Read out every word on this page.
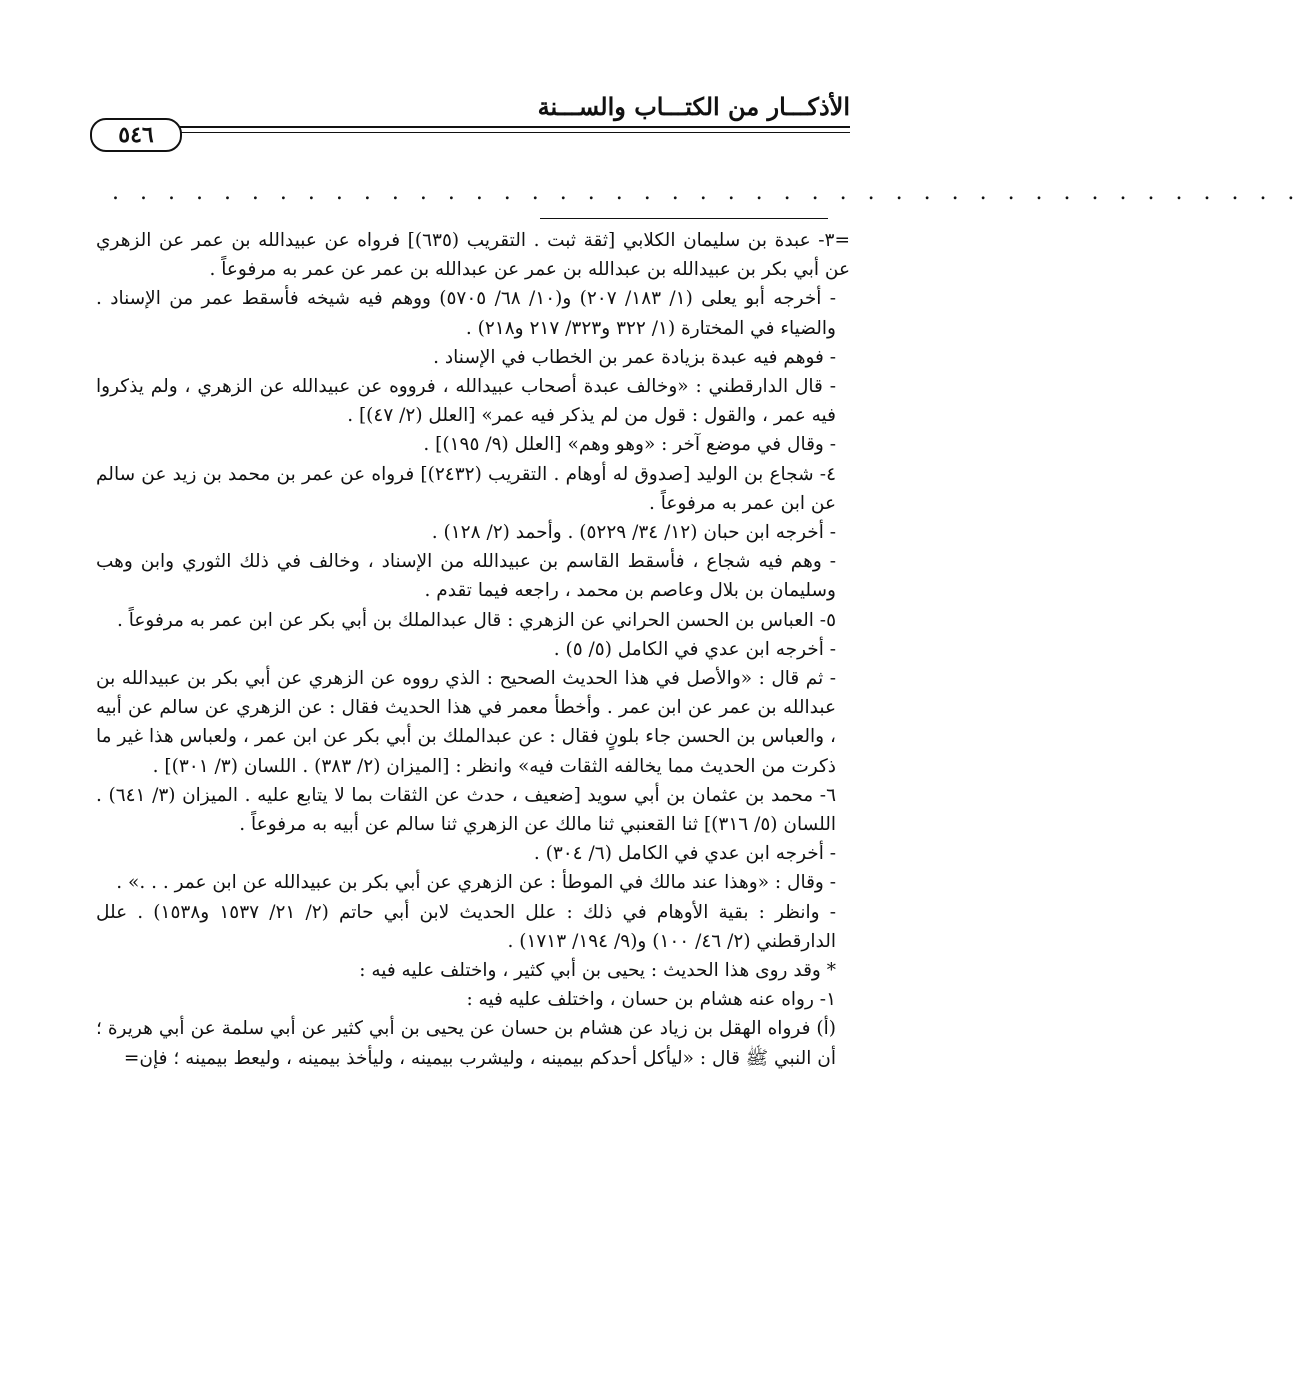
الأذكـــار من الكتـــاب والســـنة
٥٤٦
. . . . . . . . . . . . . . . . . . . . . . . . . . . . . . . . . . . . . . . . . . .

=٣- عبدة بن سليمان الكلابي [ثقة ثبت . التقريب (٦٣٥)] فرواه عن عبيدالله بن عمر عن الزهري عن أبي بكر بن عبيدالله بن عبدالله بن عمر عن عبدالله بن عمر عن عمر به مرفوعاً .

- أخرجه أبو يعلى (١/ ١٨٣/ ٢٠٧) و(١٠/ ٦٨/ ٥٧٠٥) ووهم فيه شيخه فأسقط عمر من الإسناد . والضياء في المختارة (١/ ٣٢٢ و٣٢٣/ ٢١٧ و٢١٨) .

- فوهم فيه عبدة بزيادة عمر بن الخطاب في الإسناد .

- قال الدارقطني : «وخالف عبدة أصحاب عبيدالله ، فرووه عن عبيدالله عن الزهري ، ولم يذكروا فيه عمر ، والقول : قول من لم يذكر فيه عمر» [العلل (٢/ ٤٧)] .

- وقال في موضع آخر : «وهو وهم» [العلل (٩/ ١٩٥)] .

٤- شجاع بن الوليد [صدوق له أوهام . التقريب (٢٤٣٢)] فرواه عن عمر بن محمد بن زيد عن سالم عن ابن عمر به مرفوعاً .

- أخرجه ابن حبان (١٢/ ٣٤/ ٥٢٢٩) . وأحمد (٢/ ١٢٨) .

- وهم فيه شجاع ، فأسقط القاسم بن عبيدالله من الإسناد ، وخالف في ذلك الثوري وابن وهب وسليمان بن بلال وعاصم بن محمد ، راجعه فيما تقدم .

٥- العباس بن الحسن الحراني عن الزهري : قال عبدالملك بن أبي بكر عن ابن عمر به مرفوعاً .

- أخرجه ابن عدي في الكامل (٥/ ٥) .

- ثم قال : «والأصل في هذا الحديث الصحيح : الذي رووه عن الزهري عن أبي بكر بن عبيدالله بن عبدالله بن عمر عن ابن عمر . وأخطأ معمر في هذا الحديث فقال : عن الزهري عن سالم عن أبيه ، والعباس بن الحسن جاء بلونٍ فقال : عن عبدالملك بن أبي بكر عن ابن عمر ، ولعباس هذا غير ما ذكرت من الحديث مما يخالفه الثقات فيه» وانظر : [الميزان (٢/ ٣٨٣) . اللسان (٣/ ٣٠١)] .

٦- محمد بن عثمان بن أبي سويد [ضعيف ، حدث عن الثقات بما لا يتابع عليه . الميزان (٣/ ٦٤١) . اللسان (٥/ ٣١٦)] ثنا القعنبي ثنا مالك عن الزهري ثنا سالم عن أبيه به مرفوعاً .

- أخرجه ابن عدي في الكامل (٦/ ٣٠٤) .

- وقال : «وهذا عند مالك في الموطأ : عن الزهري عن أبي بكر بن عبيدالله عن ابن عمر . . .» .

- وانظر : بقية الأوهام في ذلك : علل الحديث لابن أبي حاتم (٢/ ٢١/ ١٥٣٧ و١٥٣٨) . علل الدارقطني (٢/ ٤٦/ ١٠٠) و(٩/ ١٩٤/ ١٧١٣) .

* وقد روى هذا الحديث : يحيى بن أبي كثير ، واختلف عليه فيه :

١- رواه عنه هشام بن حسان ، واختلف عليه فيه :

(أ) فرواه الهقل بن زياد عن هشام بن حسان عن يحيى بن أبي كثير عن أبي سلمة عن أبي هريرة ؛ أن النبي ﷺ قال : «ليأكل أحدكم بيمينه ، وليشرب بيمينه ، وليأخذ بيمينه ، وليعط بيمينه ؛ فإن=
